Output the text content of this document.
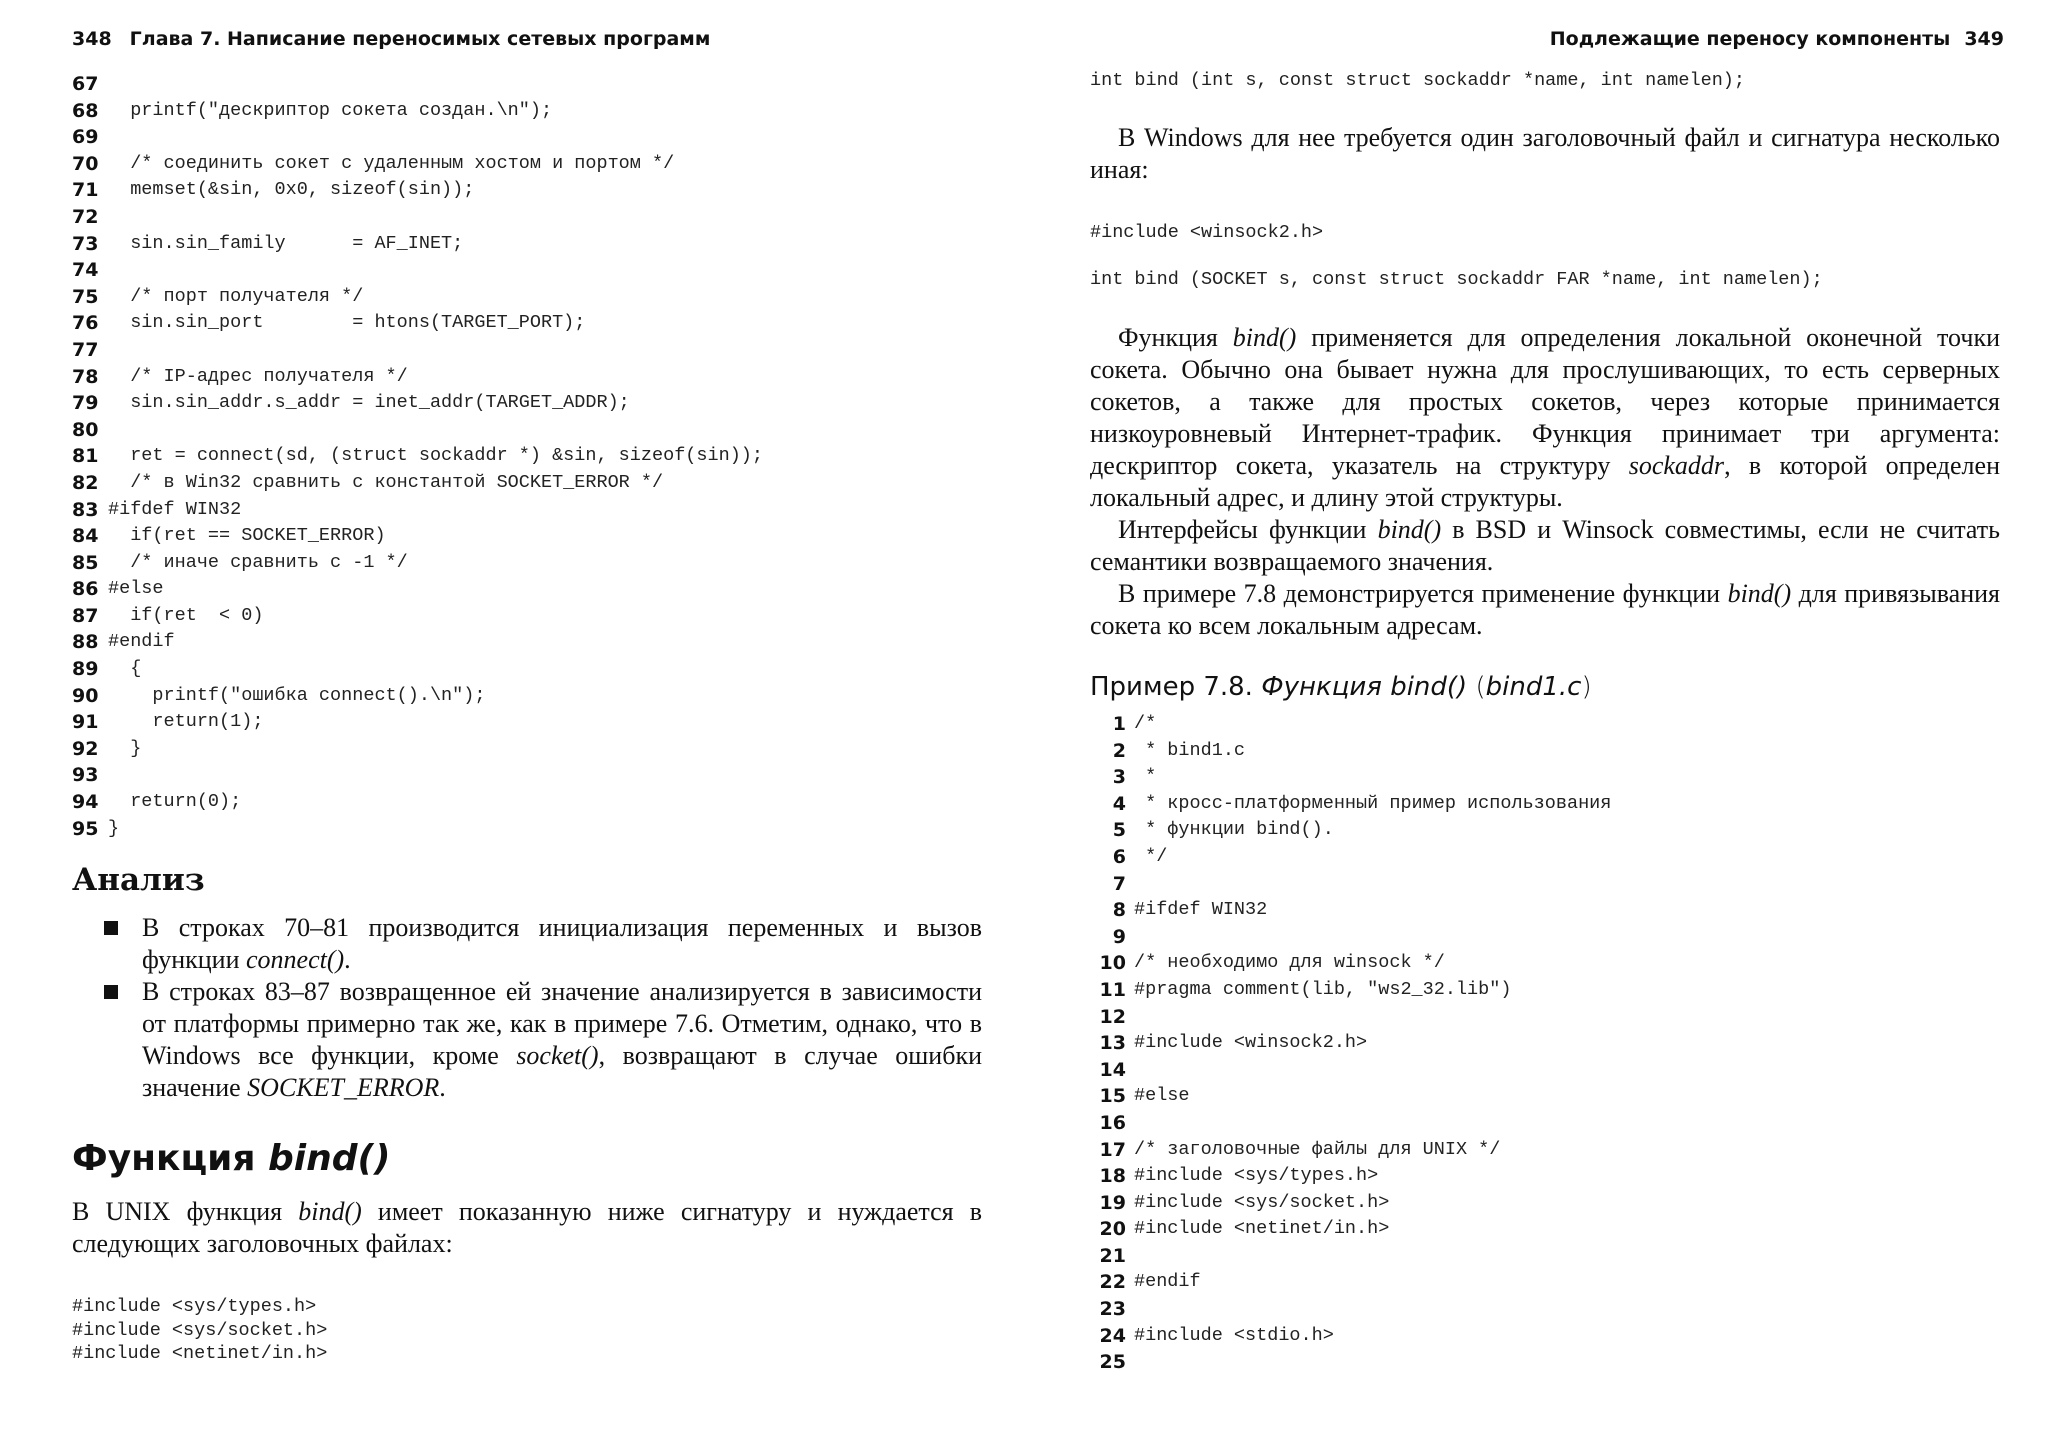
348 Глава 7. Написание переносимых сетевых программ
67
68 printf("дескриптор сокета создан.\n");
69
70 /* соединить сокет с удаленным хостом и портом */
71 memset(&sin, 0x0, sizeof(sin));
72
73 sin.sin_family      = AF_INET;
74
75 /* порт получателя */
76 sin.sin_port        = htons(TARGET_PORT);
77
78 /* IP-адрес получателя */
79 sin.sin_addr.s_addr = inet_addr(TARGET_ADDR);
80
81 ret = connect(sd, (struct sockaddr *) &sin, sizeof(sin));
82 /* в Win32 сравнить с константой SOCKET_ERROR */
83 #ifdef WIN32
84 if(ret == SOCKET_ERROR)
85 /* иначе сравнить с -1 */
86 #else
87 if(ret  < 0)
88 #endif
89 {
90 printf("ошибка connect().\n");
91 return(1);
92 }
93
94 return(0);
95 }
Анализ
В строках 70–81 производится инициализация переменных и вызов функции connect().
В строках 83–87 возвращенное ей значение анализируется в зависимости от платформы примерно так же, как в примере 7.6. Отметим, однако, что в Windows все функции, кроме socket(), возвращают в случае ошибки значение SOCKET_ERROR.
Функция bind()
В UNIX функция bind() имеет показанную ниже сигнатуру и нуждается в следующих заголовочных файлах:
#include <sys/types.h>
#include <sys/socket.h>
#include <netinet/in.h>
Подлежащие переносу компоненты 349
int bind (int s, const struct sockaddr *name, int namelen);
В Windows для нее требуется один заголовочный файл и сигнатура несколько иная:
#include <winsock2.h>
int bind (SOCKET s, const struct sockaddr FAR *name, int namelen);
Функция bind() применяется для определения локальной оконечной точки сокета. Обычно она бывает нужна для прослушивающих, то есть серверных сокетов, а также для простых сокетов, через которые принимается низкоуровневый Интернет-трафик. Функция принимает три аргумента: дескриптор сокета, указатель на структуру sockaddr, в которой определен локальный адрес, и длину этой структуры.
Интерфейсы функции bind() в BSD и Winsock совместимы, если не считать семантики возвращаемого значения.
В примере 7.8 демонстрируется применение функции bind() для привязывания сокета ко всем локальным адресам.
Пример 7.8. Функция bind() (bind1.c)
1 /*
2 * bind1.c
3 *
4 * кросс-платформенный пример использования
5 * функции bind().
6 */
7
8 #ifdef WIN32
9
10 /* необходимо для winsock */
11 #pragma comment(lib, "ws2_32.lib")
12
13 #include <winsock2.h>
14
15 #else
16
17 /* заголовочные файлы для UNIX */
18 #include <sys/types.h>
19 #include <sys/socket.h>
20 #include <netinet/in.h>
21
22 #endif
23
24 #include <stdio.h>
25
